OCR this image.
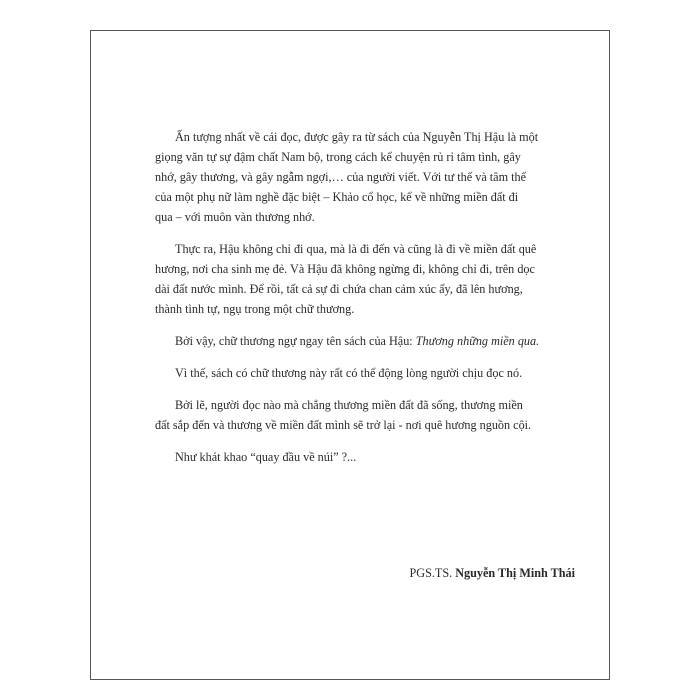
Ấn tượng nhất về cái đọc, được gây ra từ sách của Nguyễn Thị Hậu là một
giọng văn tự sự đậm chất Nam bộ, trong cách kể chuyện rủ rỉ tâm tình, gây
nhớ, gây thương, và gây ngẫm ngợi,… của người viết. Với tư thế và tâm thế
của một phụ nữ làm nghề đặc biệt – Khảo cổ học, kể về những miền đất đi
qua – với muôn vàn thương nhớ.

Thực ra, Hậu không chỉ đi qua, mà là đi đến và cũng là đi về miền đất quê
hương, nơi cha sinh mẹ đẻ. Và Hậu đã không ngừng đi, không chỉ đi, trên dọc
dài đất nước mình. Để rồi, tất cả sự đi chứa chan cảm xúc ấy, đã lên hương,
thành tình tự, ngụ trong một chữ thương.

Bởi vậy, chữ thương ngự ngay tên sách của Hậu: Thương những miền qua.

Vì thế, sách có chữ thương này rất có thể động lòng người chịu đọc nó.

Bởi lẽ, người đọc nào mà chẳng thương miền đất đã sống, thương miền
đất sắp đến và thương về miền đất mình sẽ trở lại - nơi quê hương nguồn cội.

Như khát khao “quay đầu về núi” ?...

PGS.TS. Nguyễn Thị Minh Thái
